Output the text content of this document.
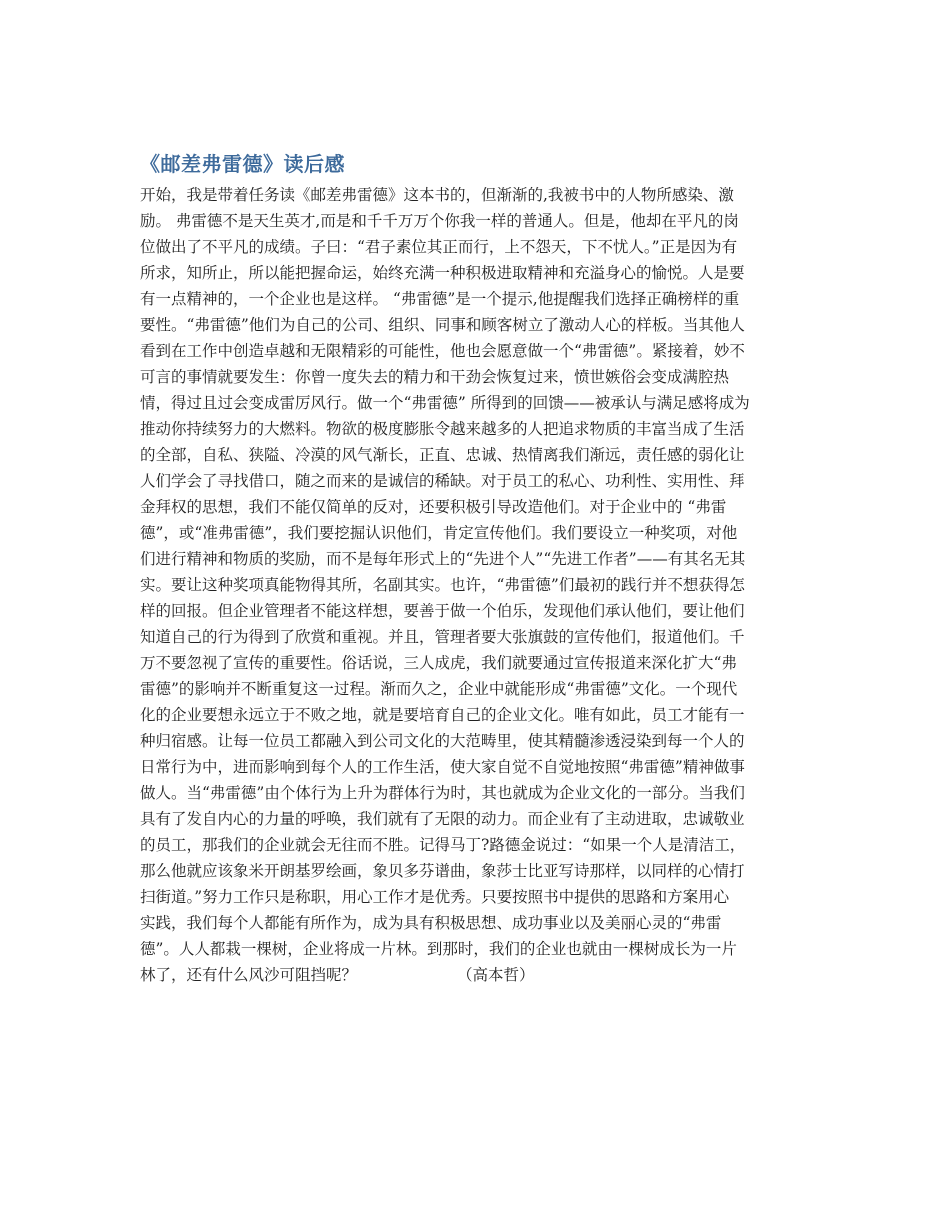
《邮差弗雷德》读后感
开始，我是带着任务读《邮差弗雷德》这本书的，但渐渐的,我被书中的人物所感染、激
励。 弗雷德不是天生英才,而是和千千万万个你我一样的普通人。但是，他却在平凡的岗
位做出了不平凡的成绩。子曰：“君子素位其正而行，上不怨天，下不忧人。”正是因为有
所求，知所止，所以能把握命运，始终充满一种积极进取精神和充溢身心的愉悦。人是要
有一点精神的，一个企业也是这样。 “弗雷德”是一个提示,他提醒我们选择正确榜样的重
要性。“弗雷德”他们为自己的公司、组织、同事和顾客树立了激动人心的样板。当其他人
看到在工作中创造卓越和无限精彩的可能性，他也会愿意做一个“弗雷德”。紧接着，妙不
可言的事情就要发生：你曾一度失去的精力和干劲会恢复过来，愤世嫉俗会变成满腔热
情，得过且过会变成雷厉风行。做一个“弗雷德” 所得到的回馈——被承认与满足感将成为
推动你持续努力的大燃料。物欲的极度膨胀令越来越多的人把追求物质的丰富当成了生活
的全部，自私、狭隘、冷漠的风气渐长，正直、忠诚、热情离我们渐远，责任感的弱化让
人们学会了寻找借口，随之而来的是诚信的稀缺。对于员工的私心、功利性、实用性、拜
金拜权的思想，我们不能仅简单的反对，还要积极引导改造他们。对于企业中的 “弗雷
德”，或“准弗雷德”，我们要挖掘认识他们，肯定宣传他们。我们要设立一种奖项，对他
们进行精神和物质的奖励，而不是每年形式上的“先进个人”“先进工作者”——有其名无其
实。要让这种奖项真能物得其所，名副其实。也许，“弗雷德”们最初的践行并不想获得怎
样的回报。但企业管理者不能这样想，要善于做一个伯乐，发现他们承认他们，要让他们
知道自己的行为得到了欣赏和重视。并且，管理者要大张旗鼓的宣传他们，报道他们。千
万不要忽视了宣传的重要性。俗话说，三人成虎，我们就要通过宣传报道来深化扩大“弗
雷德”的影响并不断重复这一过程。渐而久之，企业中就能形成“弗雷德”文化。一个现代
化的企业要想永远立于不败之地，就是要培育自己的企业文化。唯有如此，员工才能有一
种归宿感。让每一位员工都融入到公司文化的大范畴里，使其精髓渗透浸染到每一个人的
日常行为中，进而影响到每个人的工作生活，使大家自觉不自觉地按照“弗雷德”精神做事
做人。当“弗雷德”由个体行为上升为群体行为时，其也就成为企业文化的一部分。当我们
具有了发自内心的力量的呼唤，我们就有了无限的动力。而企业有了主动进取，忠诚敬业
的员工，那我们的企业就会无往而不胜。记得马丁?路德金说过：“如果一个人是清洁工，
那么他就应该象米开朗基罗绘画，象贝多芬谱曲，象莎士比亚写诗那样，以同样的心情打
扫街道。”努力工作只是称职，用心工作才是优秀。只要按照书中提供的思路和方案用心
实践，我们每个人都能有所作为，成为具有积极思想、成功事业以及美丽心灵的“弗雷
德”。人人都栽一棵树，企业将成一片林。到那时，我们的企业也就由一棵树成长为一片
林了，还有什么风沙可阻挡呢？	（高本哲）
